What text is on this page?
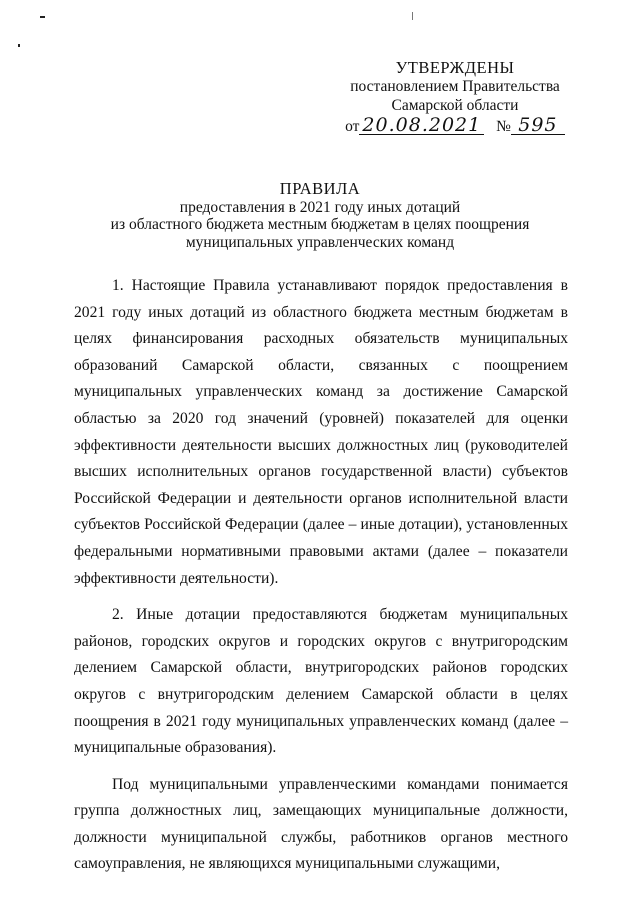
УТВЕРЖДЕНЫ
постановлением Правительства
Самарской области
от 20.08.2021 № 595
ПРАВИЛА
предоставления в 2021 году иных дотаций
из областного бюджета местным бюджетам в целях поощрения
муниципальных управленческих команд

1. Настоящие Правила устанавливают порядок предоставления в 2021 году иных дотаций из областного бюджета местным бюджетам в целях финансирования расходных обязательств муниципальных образований Самарской области, связанных с поощрением муниципальных управленческих команд за достижение Самарской областью за 2020 год значений (уровней) показателей для оценки эффективности деятельности высших должностных лиц (руководителей высших исполнительных органов государственной власти) субъектов Российской Федерации и деятельности органов исполнительной власти субъектов Российской Федерации (далее – иные дотации), установленных федеральными нормативными правовыми актами (далее – показатели эффективности деятельности).

2. Иные дотации предоставляются бюджетам муниципальных районов, городских округов и городских округов с внутригородским делением Самарской области, внутригородских районов городских округов с внутригородским делением Самарской области в целях поощрения в 2021 году муниципальных управленческих команд (далее – муниципальные образования).

Под муниципальными управленческими командами понимается группа должностных лиц, замещающих муниципальные должности, должности муниципальной службы, работников органов местного самоуправления, не являющихся муниципальными служащими,
